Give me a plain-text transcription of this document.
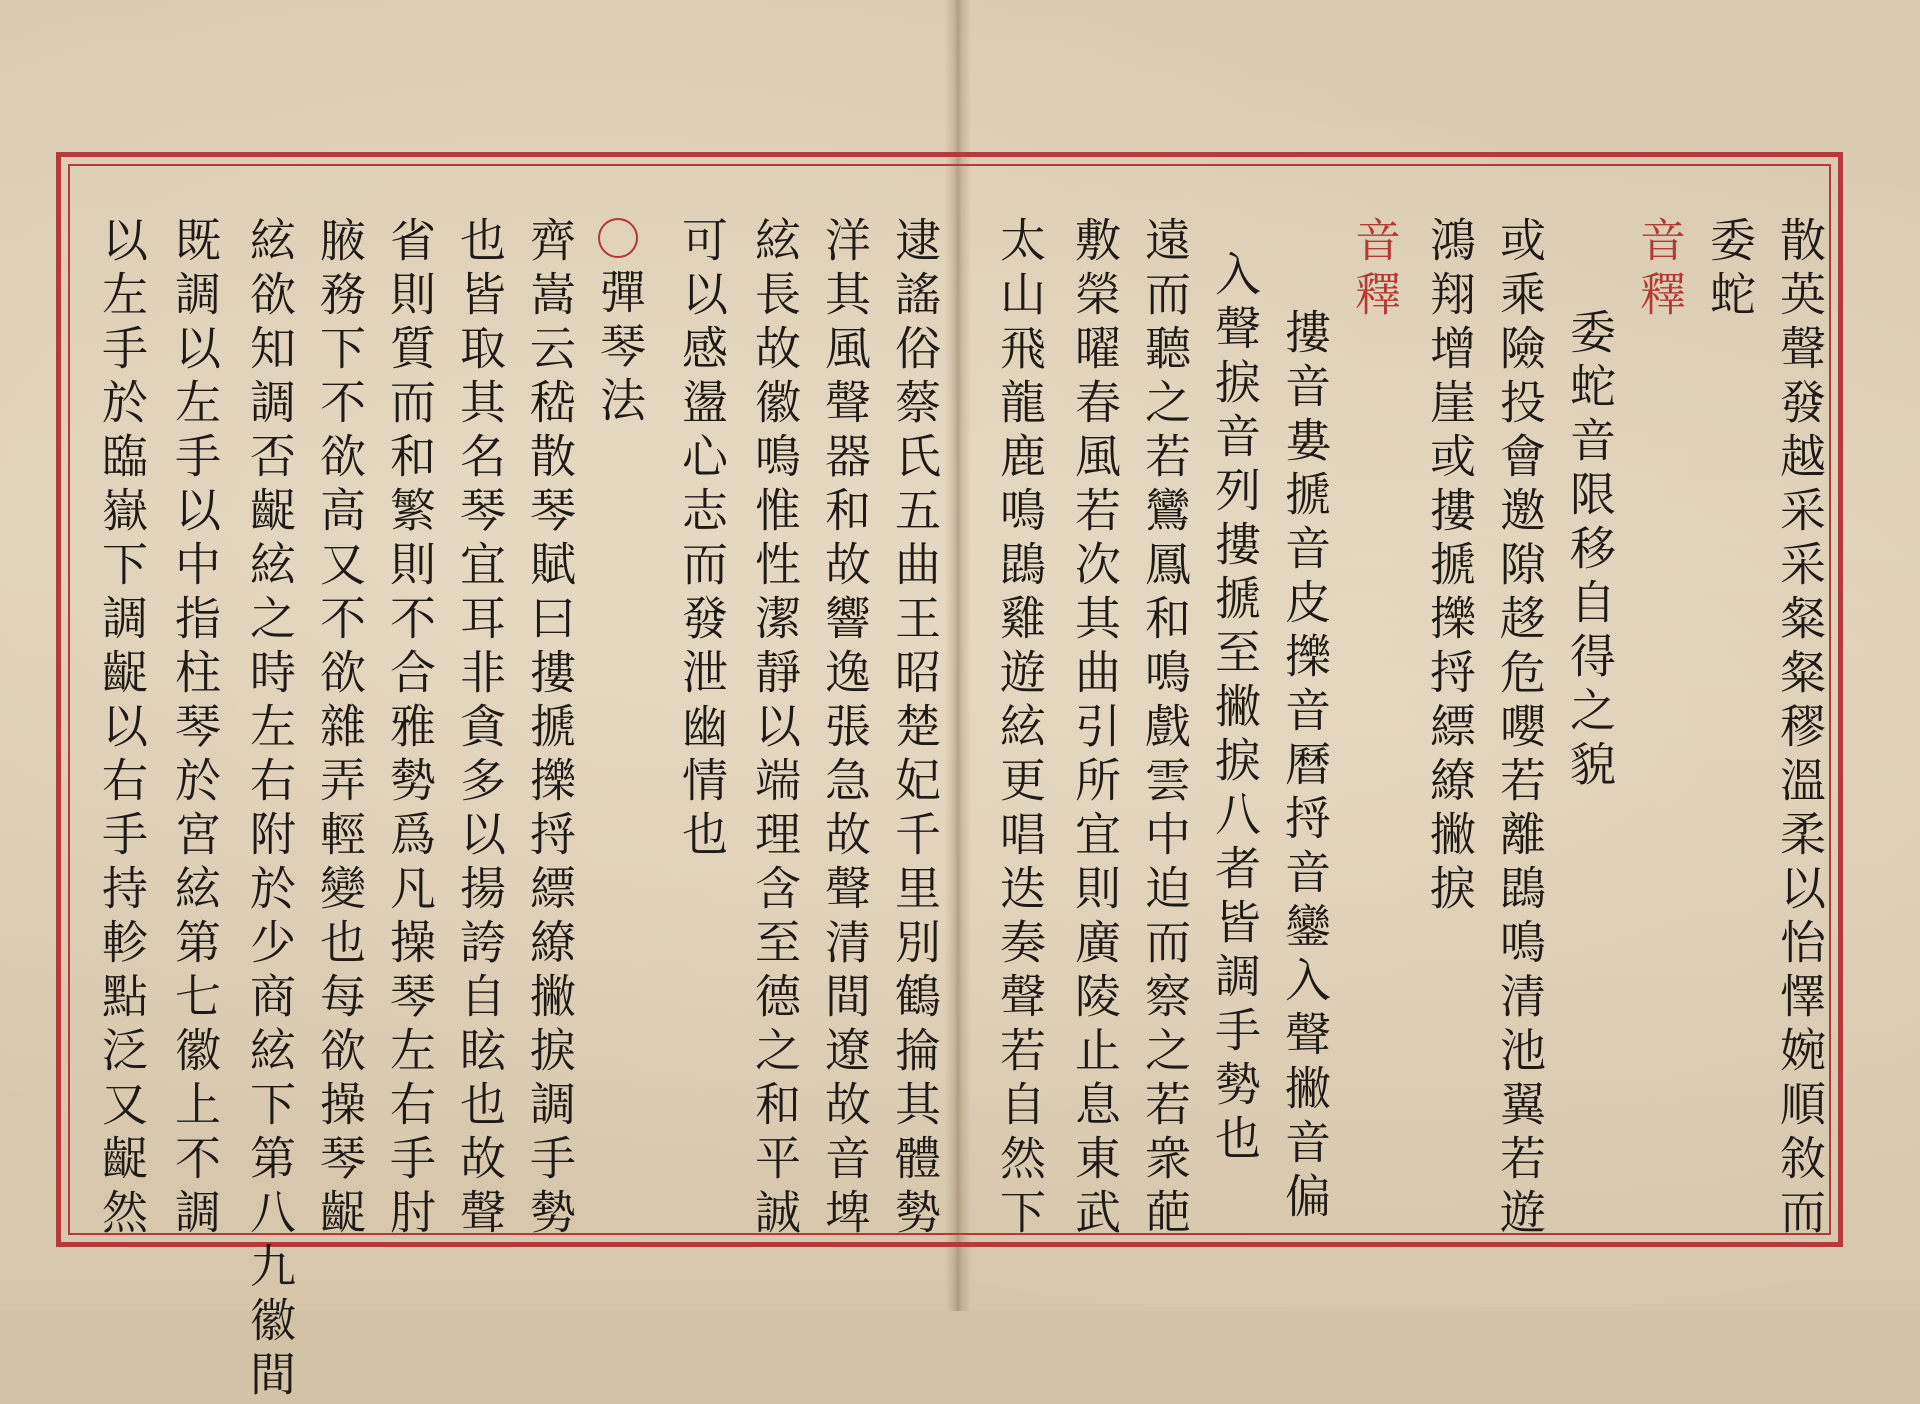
散英聲發越采采粲粲穋溫柔以怡懌婉順敘而
委蛇
音釋
委蛇音限移自得之貌
或乘險投會邀隙趍危嚶若離鵾鳴清池翼若遊
鴻翔增崖或摟搋擽捋縹繚撇捩
音釋
摟音婁搋音皮擽音曆捋音鑾入聲撇音偏
入聲捩音列摟搋至撇捩八者皆調手勢也
遠而聽之若鸞鳳和鳴戲雲中迫而察之若衆葩
敷榮曜春風若次其曲引所宜則廣陵止息東武
太山飛龍鹿鳴鵾雞遊絃更唱迭奏聲若自然下
逮謠俗蔡氏五曲王昭楚妃千里別鶴掄其體勢
洋其風聲器和故響逸張急故聲清間遼故音埤
絃長故徽鳴惟性潔靜以端理含至德之和平誠
可以感盪心志而發泄幽情也
彈琴法
齊嵩云嵇散琴賦曰摟搋擽捋縹繚撇捩調手勢
也皆取其名琴宜耳非貪多以揚誇自眩也故聲
省則質而和繁則不合雅勢爲凡操琴左右手肘
腋務下不欲高又不欲雜弄輕變也每欲操琴齪
絃欲知調否齪絃之時左右附於少商絃下第八九徽間
既調以左手以中指柱琴於宮絃第七徽上不調
以左手於臨嶽下調齪以右手持軫點泛又齪然
